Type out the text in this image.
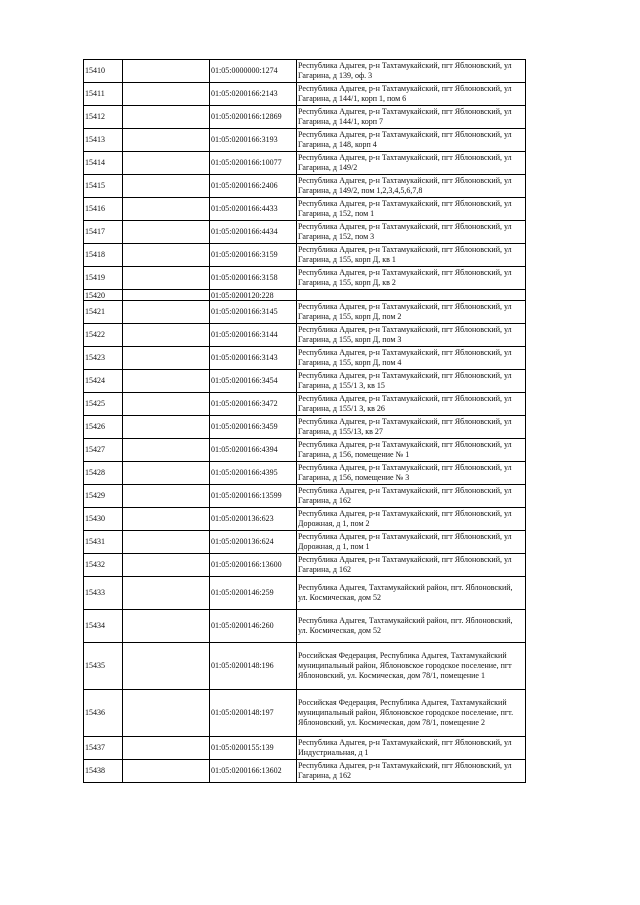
15410		01:05:0000000:1274	Республика Адыгея, р-н Тахтамукайский, пгт Яблоновский, ул Гагарина, д 139, оф. 3
15411		01:05:0200166:2143	Республика Адыгея, р-н Тахтамукайский, пгт Яблоновский, ул Гагарина, д 144/1, корп 1, пом 6
15412		01:05:0200166:12869	Республика Адыгея, р-н Тахтамукайский, пгт Яблоновский, ул Гагарина, д 144/1, корп 7
15413		01:05:0200166:3193	Республика Адыгея, р-н Тахтамукайский, пгт Яблоновский, ул Гагарина, д 148, корп 4
15414		01:05:0200166:10077	Республика Адыгея, р-н Тахтамукайский, пгт Яблоновский, ул Гагарина, д 149/2
15415		01:05:0200166:2406	Республика Адыгея, р-н Тахтамукайский, пгт Яблоновский, ул Гагарина, д 149/2, пом 1,2,3,4,5,6,7,8
15416		01:05:0200166:4433	Республика Адыгея, р-н Тахтамукайский, пгт Яблоновский, ул Гагарина, д 152, пом 1
15417		01:05:0200166:4434	Республика Адыгея, р-н Тахтамукайский, пгт Яблоновский, ул Гагарина, д 152, пом 3
15418		01:05:0200166:3159	Республика Адыгея, р-н Тахтамукайский, пгт Яблоновский, ул Гагарина, д 155, корп Д, кв 1
15419		01:05:0200166:3158	Республика Адыгея, р-н Тахтамукайский, пгт Яблоновский, ул Гагарина, д 155, корп Д, кв 2
15420		01:05:0200120:228	
15421		01:05:0200166:3145	Республика Адыгея, р-н Тахтамукайский, пгт Яблоновский, ул Гагарина, д 155, корп Д, пом 2
15422		01:05:0200166:3144	Республика Адыгея, р-н Тахтамукайский, пгт Яблоновский, ул Гагарина, д 155, корп Д, пом 3
15423		01:05:0200166:3143	Республика Адыгея, р-н Тахтамукайский, пгт Яблоновский, ул Гагарина, д 155, корп Д, пом 4
15424		01:05:0200166:3454	Республика Адыгея, р-н Тахтамукайский, пгт Яблоновский, ул Гагарина, д 155/1 З, кв 15
15425		01:05:0200166:3472	Республика Адыгея, р-н Тахтамукайский, пгт Яблоновский, ул Гагарина, д 155/1 З, кв 26
15426		01:05:0200166:3459	Республика Адыгея, р-н Тахтамукайский, пгт Яблоновский, ул Гагарина, д 155/13, кв 27
15427		01:05:0200166:4394	Республика Адыгея, р-н Тахтамукайский, пгт Яблоновский, ул Гагарина, д 156, помещение № 1
15428		01:05:0200166:4395	Республика Адыгея, р-н Тахтамукайский, пгт Яблоновский, ул Гагарина, д 156, помещение № 3
15429		01:05:0200166:13599	Республика Адыгея, р-н Тахтамукайский, пгт Яблоновский, ул Гагарина, д 162
15430		01:05:0200136:623	Республика Адыгея, р-н Тахтамукайский, пгт Яблоновский, ул Дорожная, д 1, пом 2
15431		01:05:0200136:624	Республика Адыгея, р-н Тахтамукайский, пгт Яблоновский, ул Дорожная, д 1, пом 1
15432		01:05:0200166:13600	Республика Адыгея, р-н Тахтамукайский, пгт Яблоновский, ул Гагарина, д 162
15433		01:05:0200146:259	Республика Адыгея, Тахтамукайский район, пгт. Яблоновский, ул. Космическая, дом 52
15434		01:05:0200146:260	Республика Адыгея, Тахтамукайский район, пгт. Яблоновский, ул. Космическая, дом 52
15435		01:05:0200148:196	Российская Федерация, Республика Адыгея, Тахтамукайский муниципальный район, Яблоновское городское поселение, пгт Яблоновский, ул. Космическая, дом 78/1, помещение 1
15436		01:05:0200148:197	Российская Федерация, Республика Адыгея, Тахтамукайский муниципальный район, Яблоновское городское поселение, пгт. Яблоновский, ул. Космическая, дом 78/1, помещение 2
15437		01:05:0200155:139	Республика Адыгея, р-н Тахтамукайский, пгт Яблоновский, ул Индустриальная, д 1
15438		01:05:0200166:13602	Республика Адыгея, р-н Тахтамукайский, пгт Яблоновский, ул Гагарина, д 162
